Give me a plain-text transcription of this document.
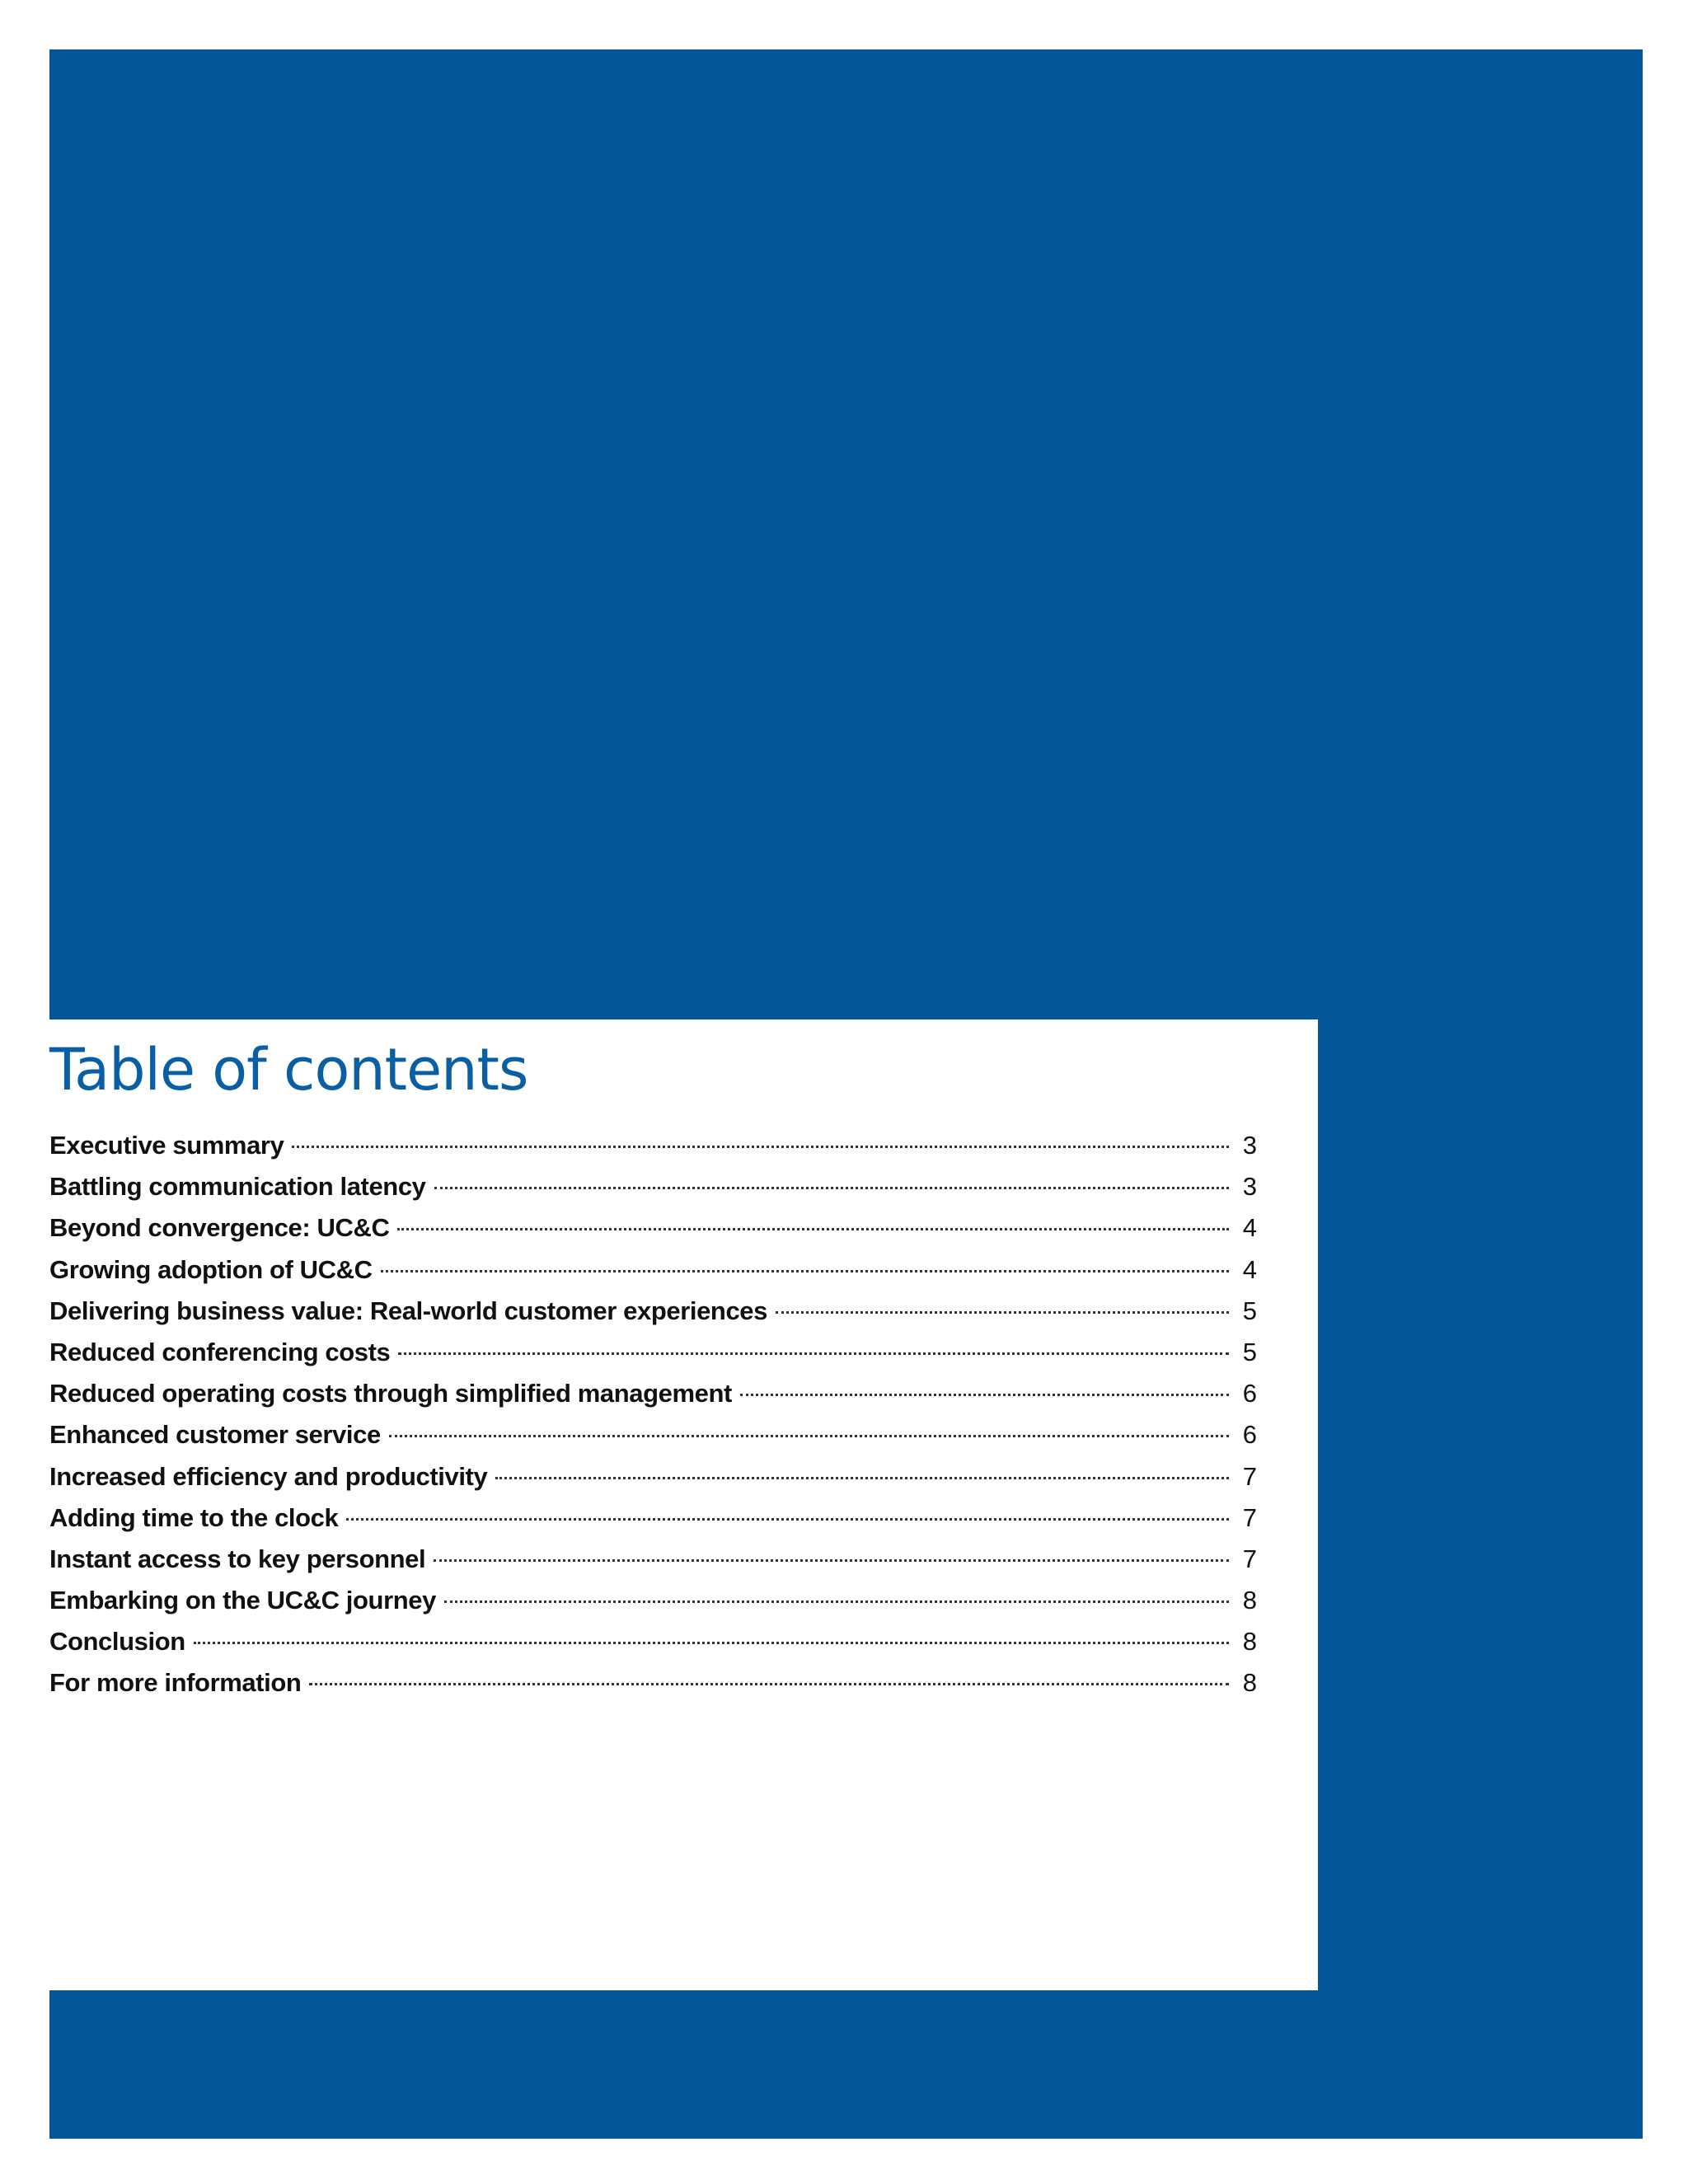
Table of contents
Executive summary	3
Battling communication latency	3
Beyond convergence: UC&C	4
Growing adoption of UC&C	4
Delivering business value: Real-world customer experiences	5
Reduced conferencing costs	5
Reduced operating costs through simplified management	6
Enhanced customer service	6
Increased efficiency and productivity	7
Adding time to the clock	7
Instant access to key personnel	7
Embarking on the UC&C journey	8
Conclusion	8
For more information	8
